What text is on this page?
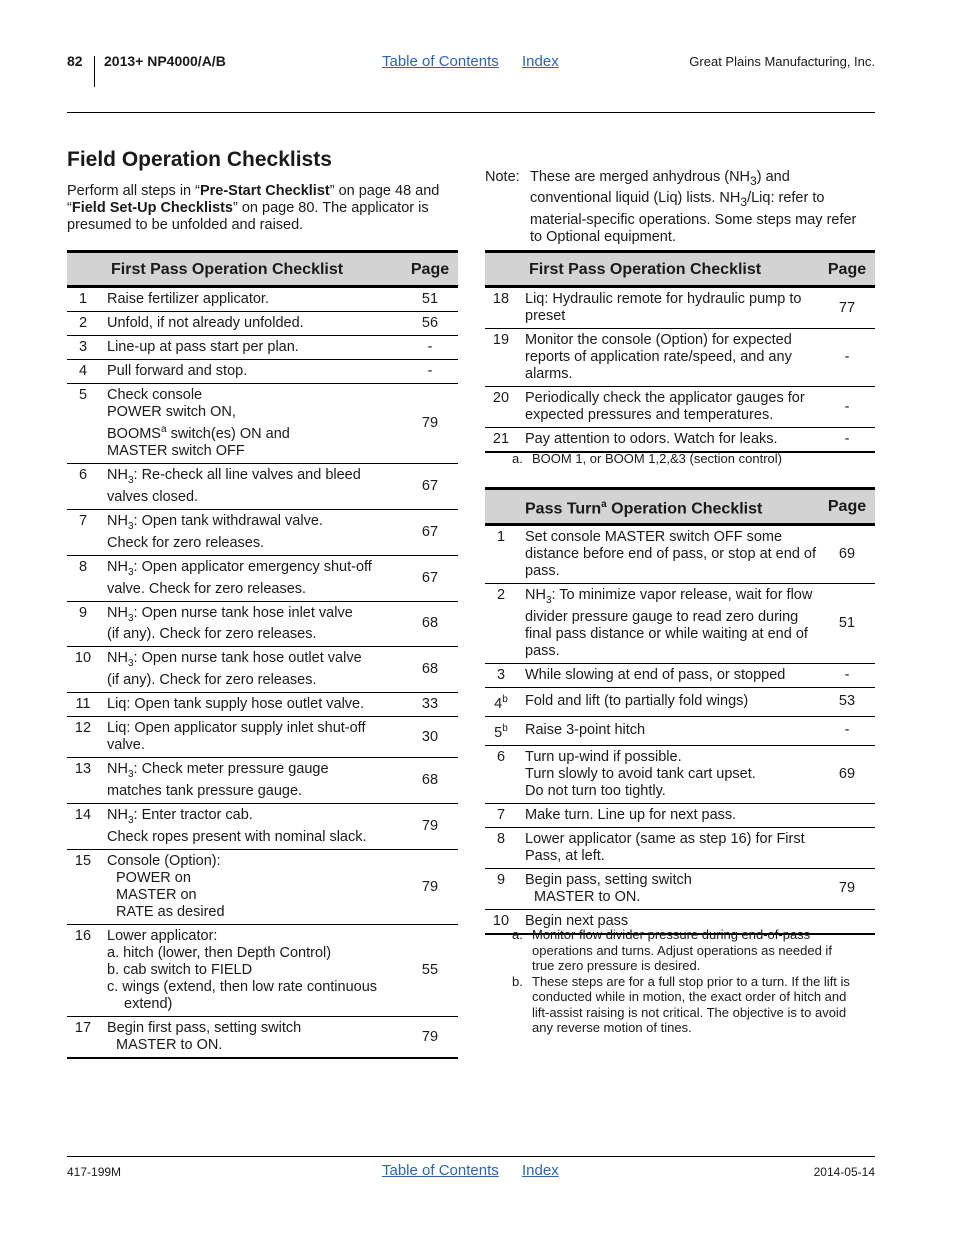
82 2013+ NP4000/A/B	Table of Contents Index	Great Plains Manufacturing, Inc.
Field Operation Checklists
Perform all steps in “Pre-Start Checklist” on page 48 and “Field Set-Up Checklists” on page 80. The applicator is presumed to be unfolded and raised.
Note: These are merged anhydrous $(NH_3)$ and conventional liquid (Liq) lists. $NH_3$/Liq: refer to material-specific operations. Some steps may refer to Optional equipment.
	First Pass Operation Checklist	Page
1	Raise fertilizer applicator.	51
2	Unfold, if not already unfolded.	56
3	Line-up at pass start per plan.	-
4	Pull forward and stop.	-
5	Check console
POWER switch ON,
BOOMS$^a$ switch(es) ON and
MASTER switch OFF	79
6	$NH_3$: Re-check all line valves and bleed valves closed.	67
7	$NH_3$: Open tank withdrawal valve.
Check for zero releases.	67
8	$NH_3$: Open applicator emergency shut-off valve. Check for zero releases.	67
9	$NH_3$: Open nurse tank hose inlet valve
(if any). Check for zero releases.	68
10	$NH_3$: Open nurse tank hose outlet valve
(if any). Check for zero releases.	68
11	Liq: Open tank supply hose outlet valve.	33
12	Liq: Open applicator supply inlet shut-off valve.	30
13	$NH_3$: Check meter pressure gauge
matches tank pressure gauge.	68
14	$NH_3$: Enter tractor cab.
Check ropes present with nominal slack.	79
15	Console (Option):
POWER on
MASTER on
RATE as desired	79
16	Lower applicator:
a. hitch (lower, then Depth Control)
b. cab switch to FIELD
c. wings (extend, then low rate continuous
extend)	55
17	Begin first pass, setting switch
MASTER to ON.	79
	First Pass Operation Checklist	Page
18	Liq: Hydraulic remote for hydraulic pump to preset	77
19	Monitor the console (Option) for expected reports of application rate/speed, and any alarms.	-
20	Periodically check the applicator gauges for expected pressures and temperatures.	-
21	Pay attention to odors. Watch for leaks.	-
a. BOOM 1, or BOOM 1,2,&3 (section control)
	Pass Turn$^a$ Operation Checklist	Page
1	Set console MASTER switch OFF some distance before end of pass, or stop at end of pass.	69
2	$NH_3$: To minimize vapor release, wait for flow divider pressure gauge to read zero during final pass distance or while waiting at end of pass.	51
3	While slowing at end of pass, or stopped	-
4$^b$	Fold and lift (to partially fold wings)	53
5$^b$	Raise 3-point hitch	-
6	Turn up-wind if possible.
Turn slowly to avoid tank cart upset.
Do not turn too tightly.	69
7	Make turn. Line up for next pass.	

8	Lower applicator (same as step 16) for First Pass, at left.	

9	Begin pass, setting switch
MASTER to ON.	79
10	Begin next pass	

a. Monitor flow divider pressure during end-of-pass operations and turns. Adjust operations as needed if true zero pressure is desired.
b. These steps are for a full stop prior to a turn. If the lift is conducted while in motion, the exact order of hitch and lift-assist raising is not critical. The objective is to avoid any reverse motion of tines.
417-199M	Table of Contents Index	2014-05-14
